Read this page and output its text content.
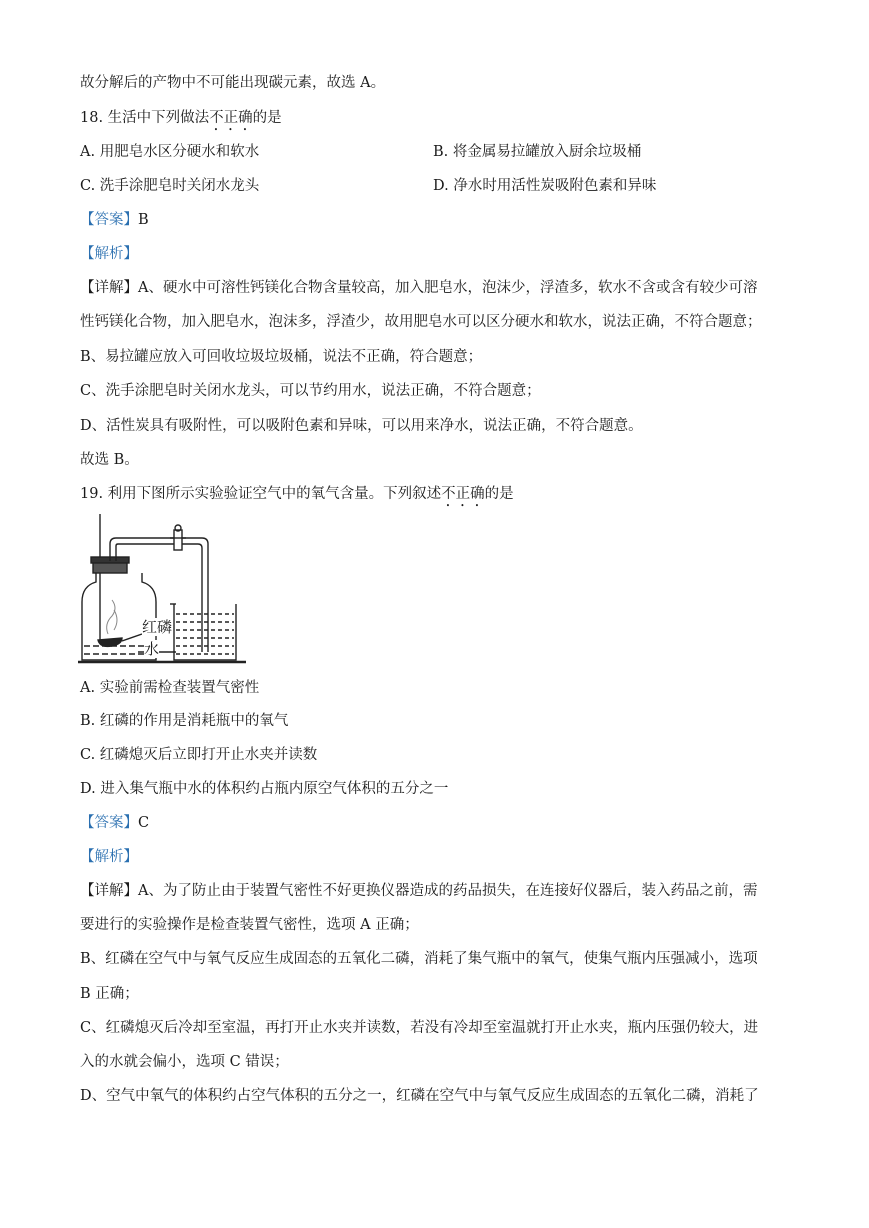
故分解后的产物中不可能出现碳元素，故选 A。
18. 生活中下列做法不正确的是
A. 用肥皂水区分硬水和软水	B. 将金属易拉罐放入厨余垃圾桶
C. 洗手涂肥皂时关闭水龙头	D. 净水时用活性炭吸附色素和异味
【答案】B
【解析】
【详解】A、硬水中可溶性钙镁化合物含量较高，加入肥皂水，泡沫少，浮渣多，软水不含或含有较少可溶
性钙镁化合物，加入肥皂水，泡沫多，浮渣少，故用肥皂水可以区分硬水和软水，说法正确，不符合题意；
B、易拉罐应放入可回收垃圾垃圾桶，说法不正确，符合题意；
C、洗手涂肥皂时关闭水龙头，可以节约用水，说法正确，不符合题意；
D、活性炭具有吸附性，可以吸附色素和异味，可以用来净水，说法正确，不符合题意。
故选 B。
19. 利用下图所示实验验证空气中的氧气含量。下列叙述不正确的是
红磷
水
A. 实验前需检查装置气密性
B. 红磷的作用是消耗瓶中的氧气
C. 红磷熄灭后立即打开止水夹并读数
D. 进入集气瓶中水的体积约占瓶内原空气体积的五分之一
【答案】C
【解析】
【详解】A、为了防止由于装置气密性不好更换仪器造成的药品损失，在连接好仪器后，装入药品之前，需
要进行的实验操作是检查装置气密性，选项 A 正确；
B、红磷在空气中与氧气反应生成固态的五氧化二磷，消耗了集气瓶中的氧气，使集气瓶内压强减小，选项
B 正确；
C、红磷熄灭后冷却至室温，再打开止水夹并读数，若没有冷却至室温就打开止水夹，瓶内压强仍较大，进
入的水就会偏小，选项 C 错误；
D、空气中氧气的体积约占空气体积的五分之一，红磷在空气中与氧气反应生成固态的五氧化二磷，消耗了
